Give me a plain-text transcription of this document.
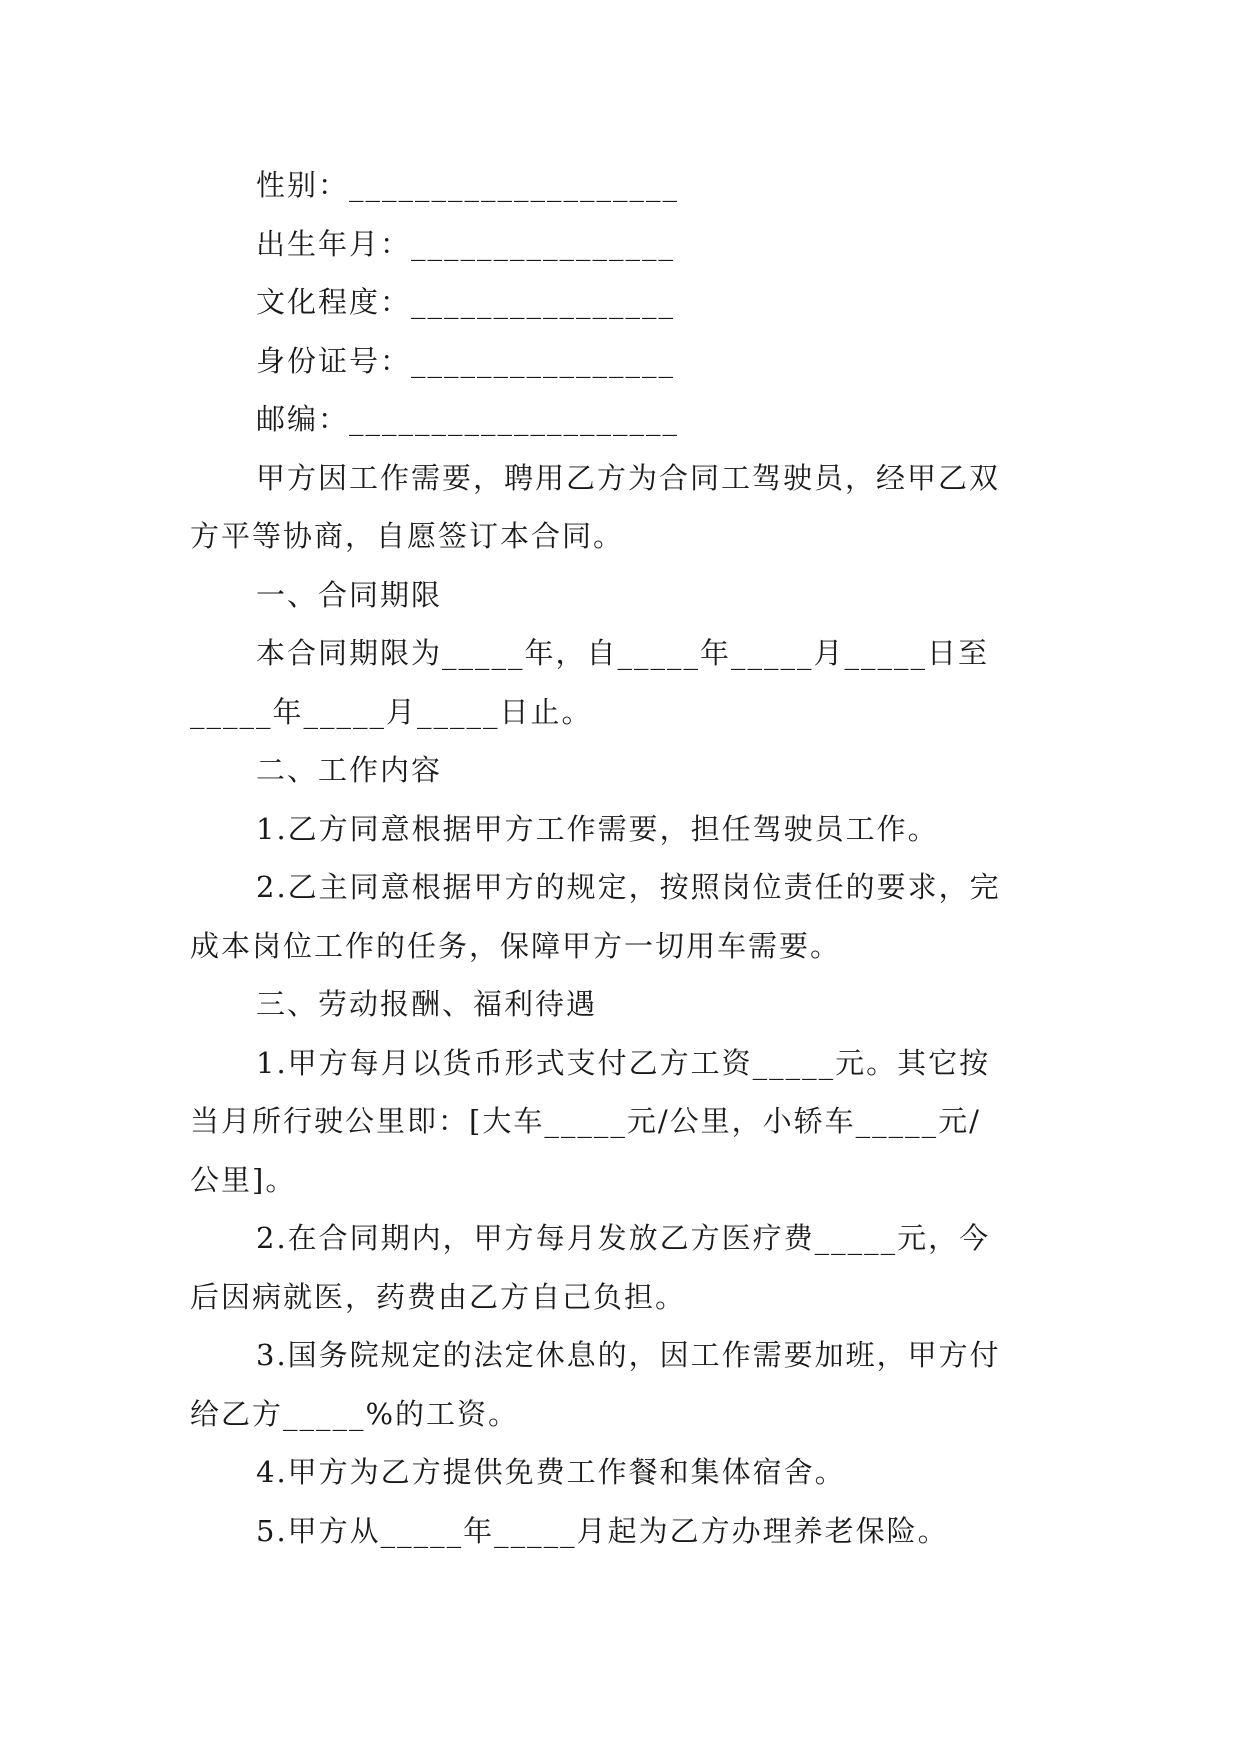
性别：____________________

出生年月：________________

文化程度：________________

身份证号：________________

邮编：____________________

甲方因工作需要，聘用乙方为合同工驾驶员，经甲乙双

方平等协商，自愿签订本合同。

一、合同期限

本合同期限为_____年，自_____年_____月_____日至

_____年_____月_____日止。

二、工作内容

1.乙方同意根据甲方工作需要，担任驾驶员工作。

2.乙主同意根据甲方的规定，按照岗位责任的要求，完

成本岗位工作的任务，保障甲方一切用车需要。

三、劳动报酬、福利待遇

1.甲方每月以货币形式支付乙方工资_____元。其它按

当月所行驶公里即：[大车_____元/公里，小轿车_____元/

公里]。

2.在合同期内，甲方每月发放乙方医疗费_____元，今

后因病就医，药费由乙方自己负担。

3.国务院规定的法定休息的，因工作需要加班，甲方付

给乙方_____%的工资。

4.甲方为乙方提供免费工作餐和集体宿舍。

5.甲方从_____年_____月起为乙方办理养老保险。
